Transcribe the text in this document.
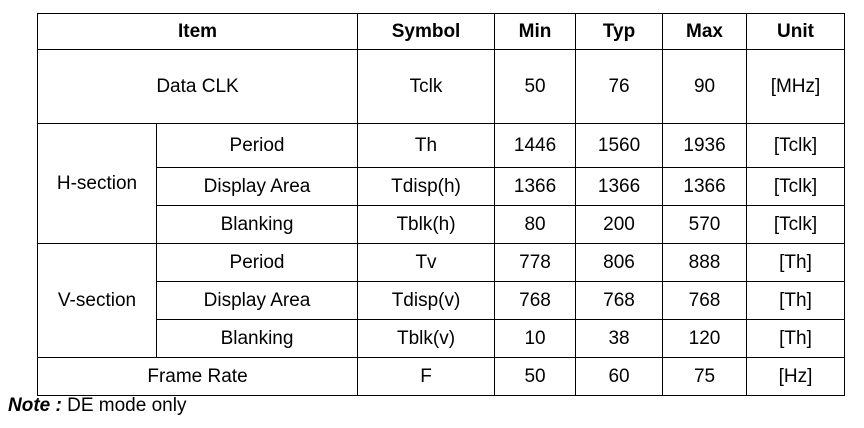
Item		Symbol	Min	Typ	Max	Unit
Data CLK		Tclk	50	76	90	[MHz]
H-section	Period	Th	1446	1560	1936	[Tclk]
	Display Area	Tdisp(h)	1366	1366	1366	[Tclk]
	Blanking	Tblk(h)	80	200	570	[Tclk]
V-section	Period	Tv	778	806	888	[Th]
	Display Area	Tdisp(v)	768	768	768	[Th]
	Blanking	Tblk(v)	10	38	120	[Th]
Frame Rate		F	50	60	75	[Hz]
Note : DE mode only
